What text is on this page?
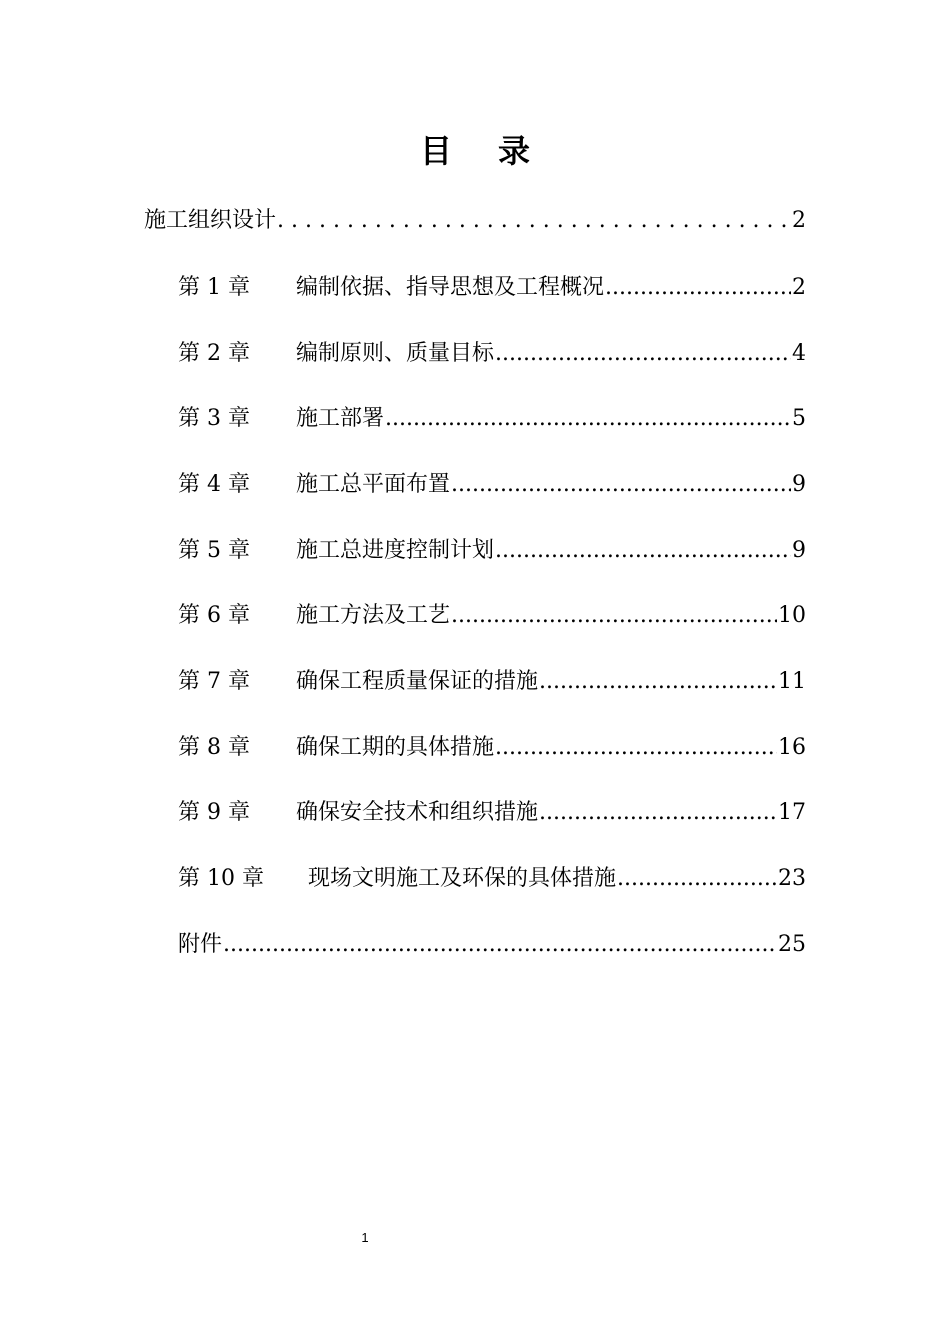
目录
施工组织设计 . . .	2
第 1 章	编制依据、指导思想及工程概况 .....	2
第 2 章	编制原则、质量目标 .....	4
第 3 章	施工部署 .....	5
第 4 章	施工总平面布置 .....	9
第 5 章	施工总进度控制计划 .....	9
第 6 章	施工方法及工艺 .....	10
第 7 章	确保工程质量保证的措施 .....	11
第 8 章	确保工期的具体措施 .....	16
第 9 章	确保安全技术和组织措施 .....	17
第 10 章	现场文明施工及环保的具体措施 .....	23
附件 .....	25
1
